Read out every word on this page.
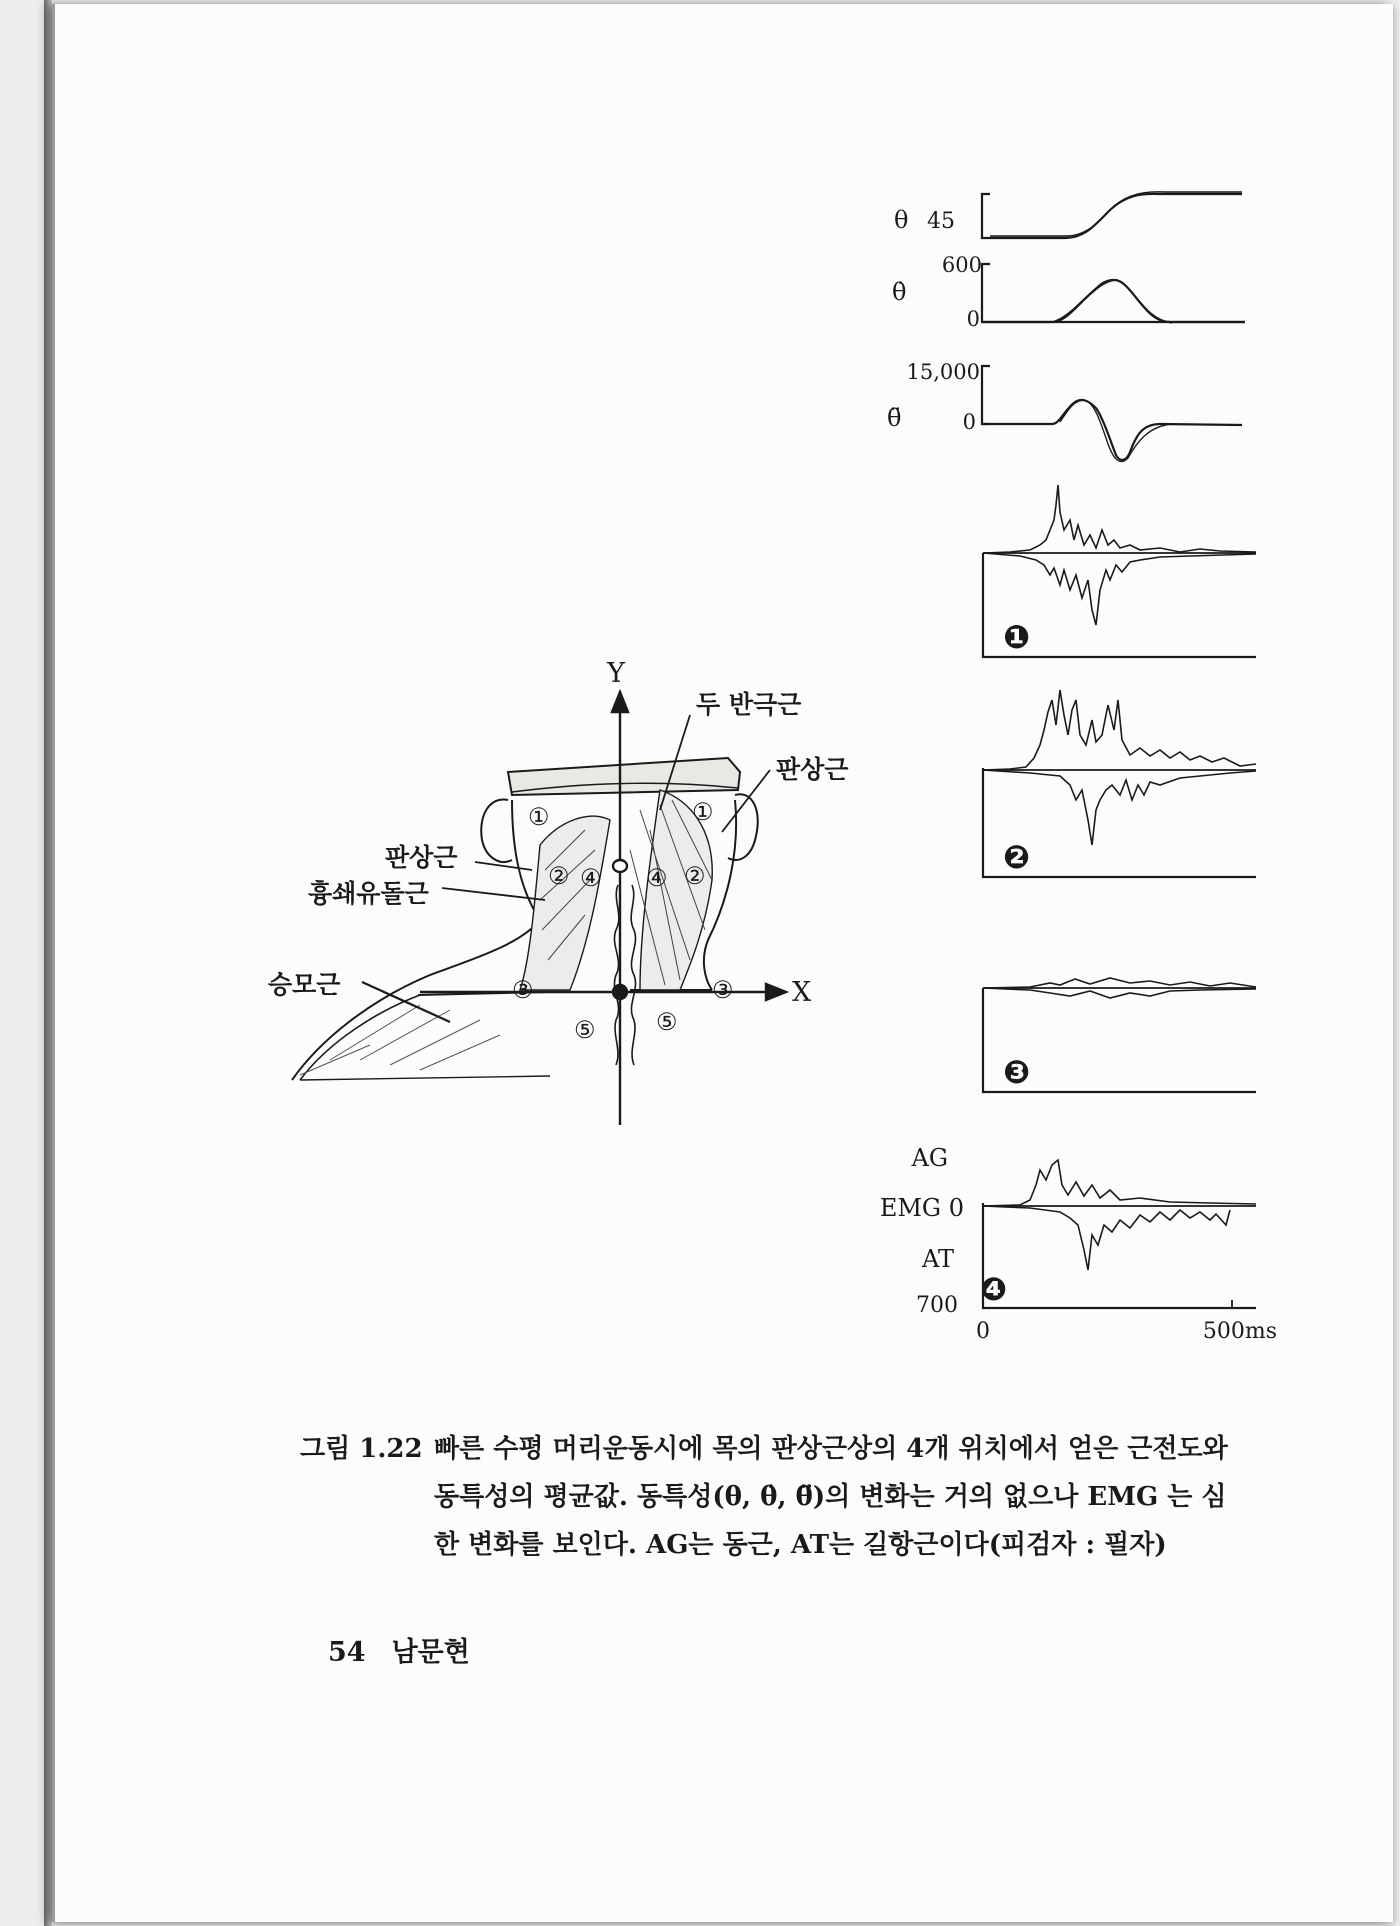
θ 45
θ̇
600
0
θ̈
15,000
0
❶
❷
❸
❹
AG
EMG 0
AT
700
0	500ms
Y
X
두 반극근
판상근
판상근
흉쇄유돌근
승모근
①	①
②	②
④ ④
③	③
⑤	⑤
그림 1.22 빠른 수평 머리운동시에 목의 판상근상의 4개 위치에서 얻은 근전도와 동특성의 평균값. 동특성(θ, θ̇, θ̈)의 변화는 거의 없으나 EMG 는 심한 변화를 보인다. AG는 동근, AT는 길항근이다(피검자 : 필자)
54 남문현
